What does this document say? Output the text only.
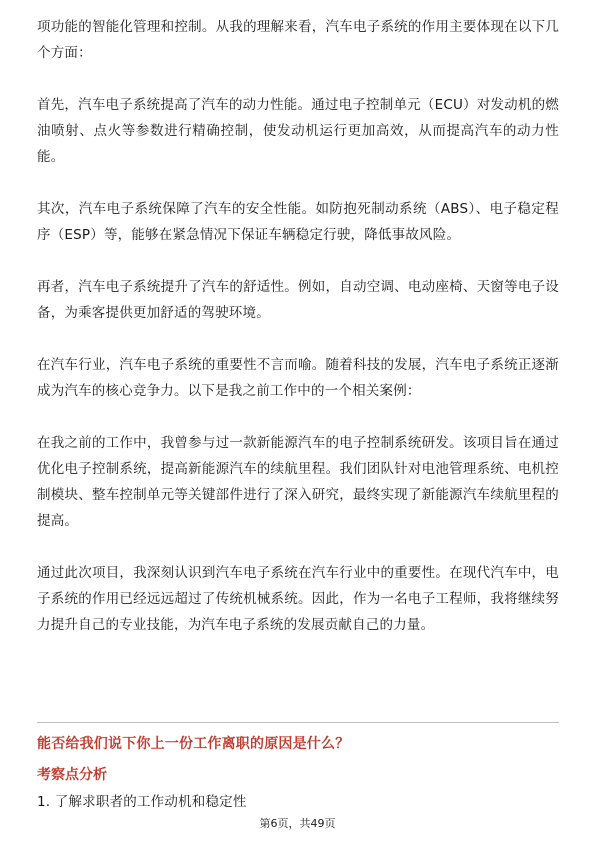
项功能的智能化管理和控制。从我的理解来看，汽车电子系统的作用主要体现在以下几个方面：

首先，汽车电子系统提高了汽车的动力性能。通过电子控制单元（ECU）对发动机的燃油喷射、点火等参数进行精确控制，使发动机运行更加高效，从而提高汽车的动力性能。

其次，汽车电子系统保障了汽车的安全性能。如防抱死制动系统（ABS）、电子稳定程序（ESP）等，能够在紧急情况下保证车辆稳定行驶，降低事故风险。

再者，汽车电子系统提升了汽车的舒适性。例如，自动空调、电动座椅、天窗等电子设备，为乘客提供更加舒适的驾驶环境。

在汽车行业，汽车电子系统的重要性不言而喻。随着科技的发展，汽车电子系统正逐渐成为汽车的核心竞争力。以下是我之前工作中的一个相关案例：

在我之前的工作中，我曾参与过一款新能源汽车的电子控制系统研发。该项目旨在通过优化电子控制系统，提高新能源汽车的续航里程。我们团队针对电池管理系统、电机控制模块、整车控制单元等关键部件进行了深入研究，最终实现了新能源汽车续航里程的提高。

通过此次项目，我深刻认识到汽车电子系统在汽车行业中的重要性。在现代汽车中，电子系统的作用已经远远超过了传统机械系统。因此，作为一名电子工程师，我将继续努力提升自己的专业技能，为汽车电子系统的发展贡献自己的力量。

能否给我们说下你上一份工作离职的原因是什么？
考察点分析
1. 了解求职者的工作动机和稳定性
第6页，共49页
